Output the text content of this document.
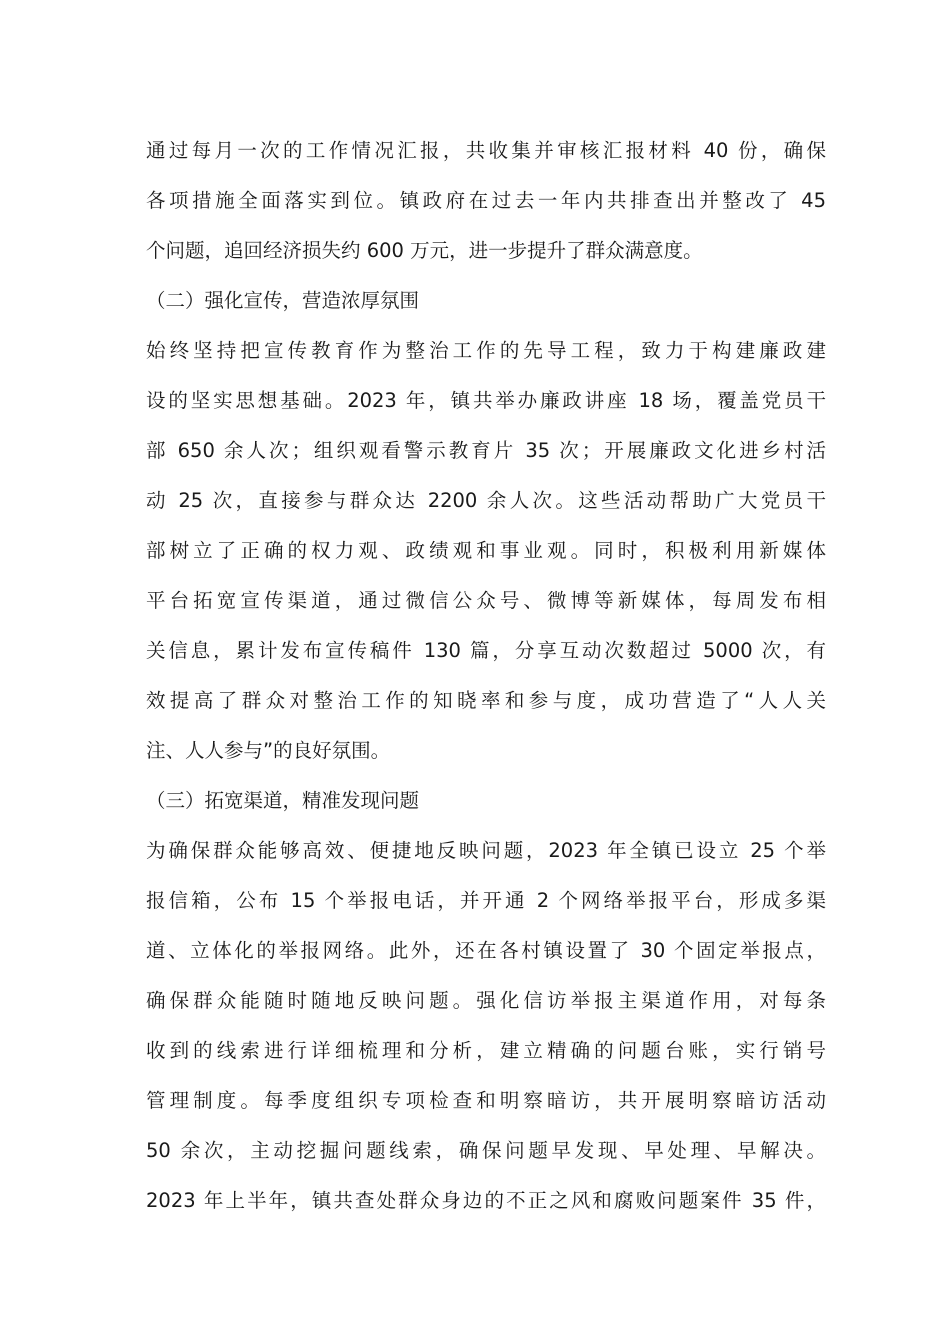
通过每月一次的工作情况汇报，共收集并审核汇报材料 40 份，确保
各项措施全面落实到位。镇政府在过去一年内共排查出并整改了 45
个问题，追回经济损失约 600 万元，进一步提升了群众满意度。
（二）强化宣传，营造浓厚氛围
始终坚持把宣传教育作为整治工作的先导工程，致力于构建廉政建
设的坚实思想基础。2023 年，镇共举办廉政讲座 18 场，覆盖党员干
部 650 余人次；组织观看警示教育片 35 次；开展廉政文化进乡村活
动 25 次，直接参与群众达 2200 余人次。这些活动帮助广大党员干
部树立了正确的权力观、政绩观和事业观。同时，积极利用新媒体
平台拓宽宣传渠道，通过微信公众号、微博等新媒体，每周发布相
关信息，累计发布宣传稿件 130 篇，分享互动次数超过 5000 次，有
效提高了群众对整治工作的知晓率和参与度，成功营造了“人人关
注、人人参与”的良好氛围。
（三）拓宽渠道，精准发现问题
为确保群众能够高效、便捷地反映问题，2023 年全镇已设立 25 个举
报信箱，公布 15 个举报电话，并开通 2 个网络举报平台，形成多渠
道、立体化的举报网络。此外，还在各村镇设置了 30 个固定举报点，
确保群众能随时随地反映问题。强化信访举报主渠道作用，对每条
收到的线索进行详细梳理和分析，建立精确的问题台账，实行销号
管理制度。每季度组织专项检查和明察暗访，共开展明察暗访活动
50 余次，主动挖掘问题线索，确保问题早发现、早处理、早解决。
2023 年上半年，镇共查处群众身边的不正之风和腐败问题案件 35 件，
